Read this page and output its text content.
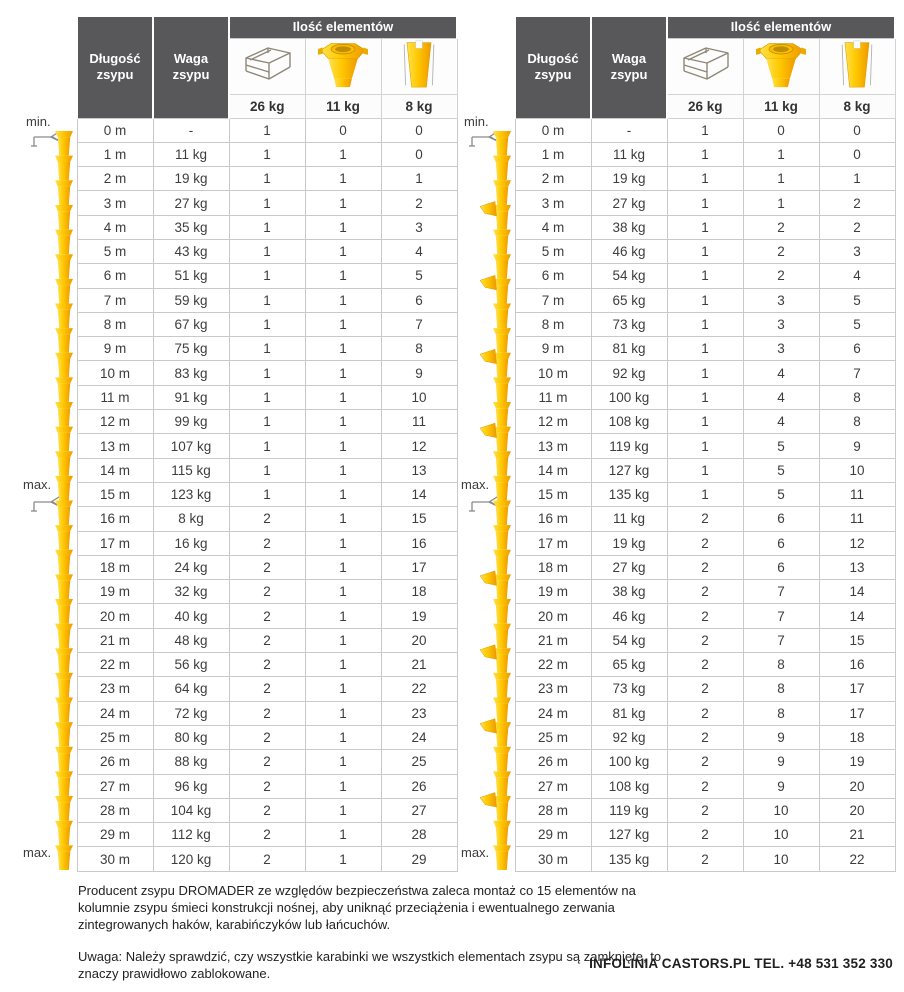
min.
max.
max.
Długość zsypu	Waga zsypu	Ilość elementów		

		26 kg	11 kg	8 kg
0 m	-	1	0	0
1 m	11 kg	1	1	0
2 m	19 kg	1	1	1
3 m	27 kg	1	1	2
4 m	35 kg	1	1	3
5 m	43 kg	1	1	4
6 m	51 kg	1	1	5
7 m	59 kg	1	1	6
8 m	67 kg	1	1	7
9 m	75 kg	1	1	8
10 m	83 kg	1	1	9
11 m	91 kg	1	1	10
12 m	99 kg	1	1	11
13 m	107 kg	1	1	12
14 m	115 kg	1	1	13
15 m	123 kg	1	1	14
16 m	8 kg	2	1	15
17 m	16 kg	2	1	16
18 m	24 kg	2	1	17
19 m	32 kg	2	1	18
20 m	40 kg	2	1	19
21 m	48 kg	2	1	20
22 m	56 kg	2	1	21
23 m	64 kg	2	1	22
24 m	72 kg	2	1	23
25 m	80 kg	2	1	24
26 m	88 kg	2	1	25
27 m	96 kg	2	1	26
28 m	104 kg	2	1	27
29 m	112 kg	2	1	28
30 m	120 kg	2	1	29
min.
max.
max.
Długość zsypu	Waga zsypu	Ilość elementów		

		26 kg	11 kg	8 kg
0 m	-	1	0	0
1 m	11 kg	1	1	0
2 m	19 kg	1	1	1
3 m	27 kg	1	1	2
4 m	38 kg	1	2	2
5 m	46 kg	1	2	3
6 m	54 kg	1	2	4
7 m	65 kg	1	3	5
8 m	73 kg	1	3	5
9 m	81 kg	1	3	6
10 m	92 kg	1	4	7
11 m	100 kg	1	4	8
12 m	108 kg	1	4	8
13 m	119 kg	1	5	9
14 m	127 kg	1	5	10
15 m	135 kg	1	5	11
16 m	11 kg	2	6	11
17 m	19 kg	2	6	12
18 m	27 kg	2	6	13
19 m	38 kg	2	7	14
20 m	46 kg	2	7	14
21 m	54 kg	2	7	15
22 m	65 kg	2	8	16
23 m	73 kg	2	8	17
24 m	81 kg	2	8	17
25 m	92 kg	2	9	18
26 m	100 kg	2	9	19
27 m	108 kg	2	9	20
28 m	119 kg	2	10	20
29 m	127 kg	2	10	21
30 m	135 kg	2	10	22

Producent zsypu DROMADER ze względów bezpieczeństwa zaleca montaż co 15 elementów na kolumnie zsypu śmieci konstrukcji nośnej, aby uniknąć przeciążenia i ewentualnego zerwania zintegrowanych haków, karabińczyków lub łańcuchów.

Uwaga: Należy sprawdzić, czy wszystkie karabinki we wszystkich elementach zsypu są zamknięte, to znaczy prawidłowo zablokowane.

INFOLINIA CASTORS.PL TEL. +48 531 352 330
